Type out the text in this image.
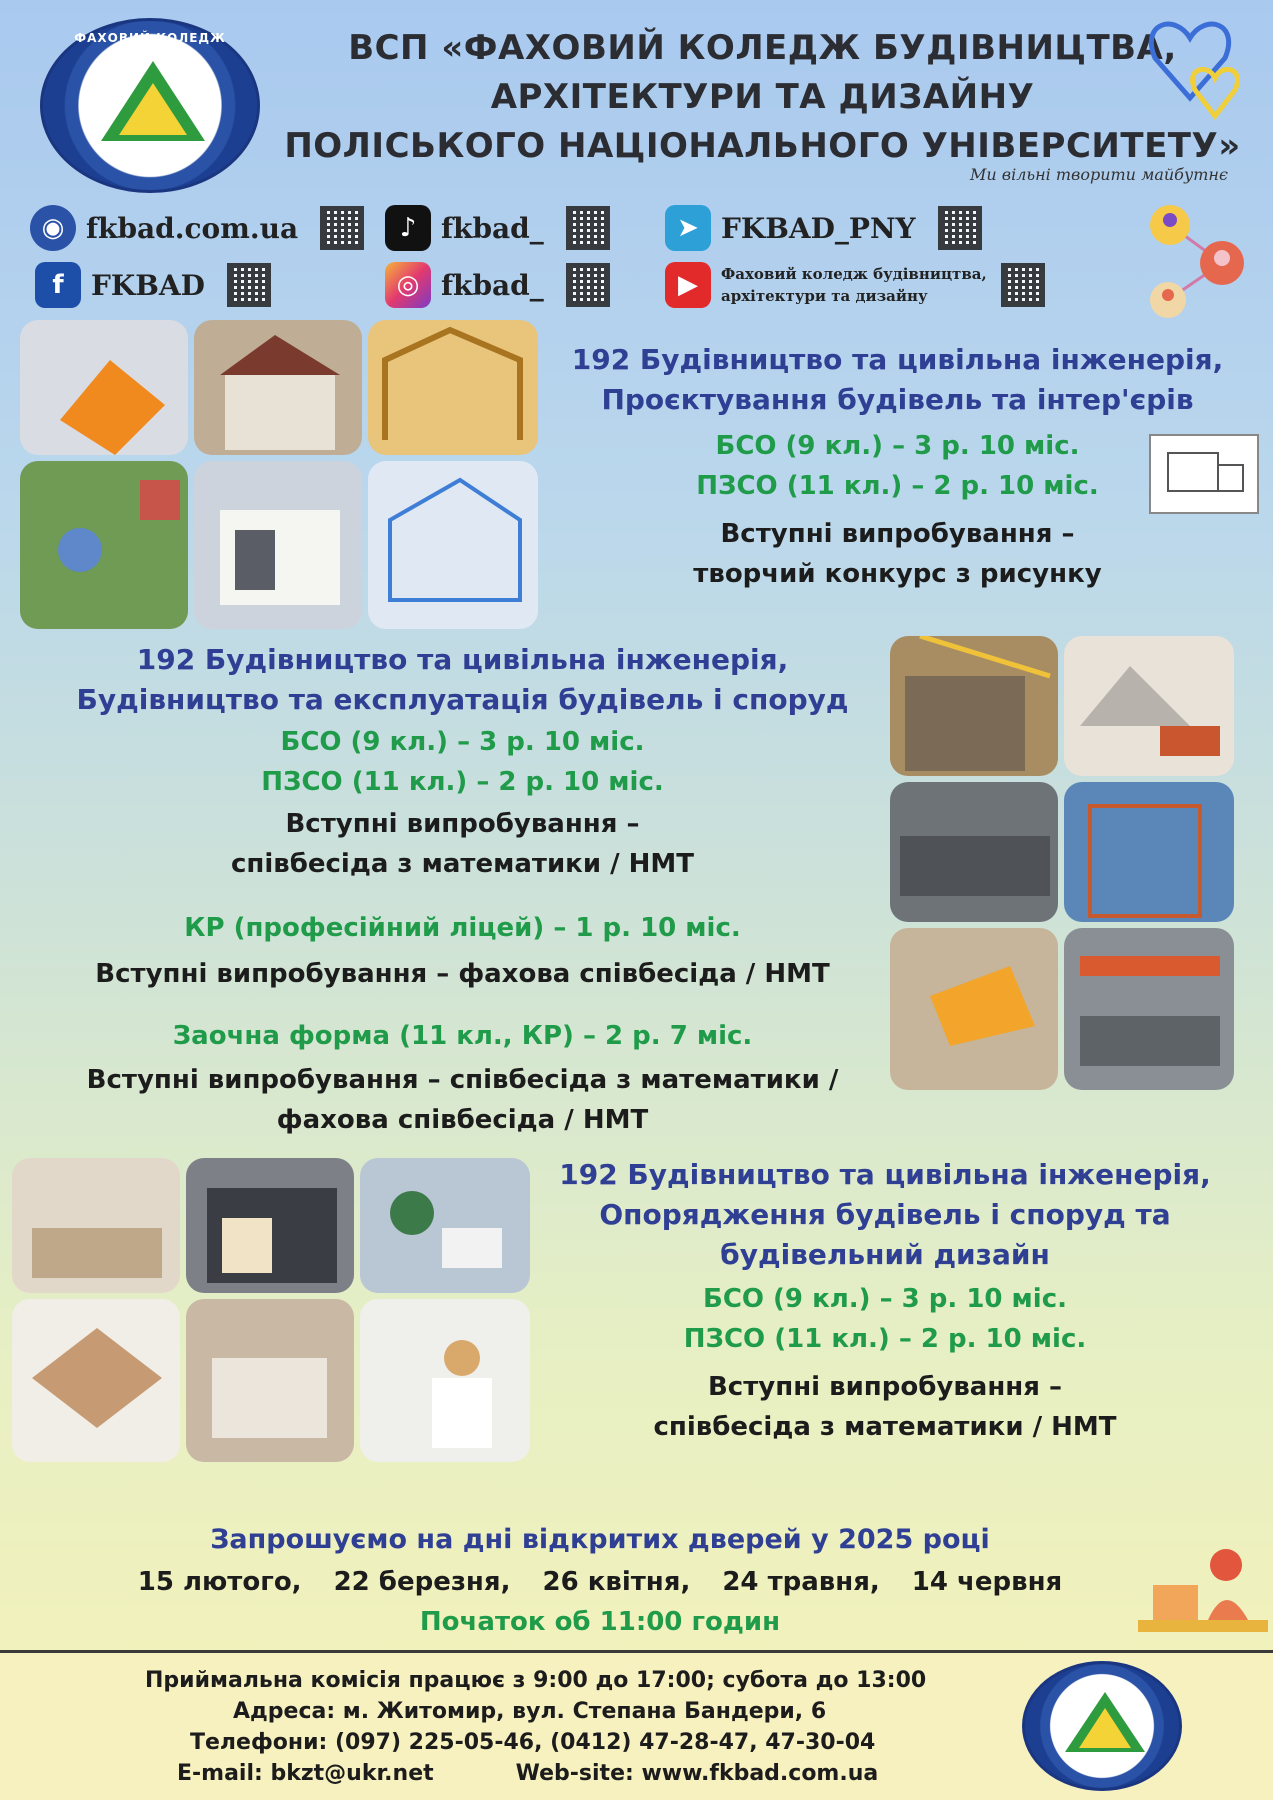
ФАХОВИЙ КОЛЕДЖ	ВСП «ФАХОВИЙ КОЛЕДЖ БУДІВНИЦТВА,
АРХІТЕКТУРИ ТА ДИЗАЙНУ
ПОЛІСЬКОГО НАЦІОНАЛЬНОГО УНІВЕРСИТЕТУ»
Ми вільні творити майбутнє
◉ fkbad.com.ua	♪ fkbad_	➤ FKBAD_PNY
f FKBAD	◎ fkbad_	▶	Фаховий коледж будівництва,
архітектури та дизайну
192 Будівництво та цивільна інженерія,
Проєктування будівель та інтер'єрів
БСО (9 кл.) – 3 р. 10 міс.
ПЗСО (11 кл.) – 2 р. 10 міс.
Вступні випробування –
творчий конкурс з рисунку
192 Будівництво та цивільна інженерія,
Будівництво та експлуатація будівель і споруд
БСО (9 кл.) – 3 р. 10 міс.
ПЗСО (11 кл.) – 2 р. 10 міс.
Вступні випробування –
співбесіда з математики / НМТ
КР (професійний ліцей) – 1 р. 10 міс.
Вступні випробування – фахова співбесіда / НМТ
Заочна форма (11 кл., КР) – 2 р. 7 міс.
Вступні випробування – співбесіда з математики /
фахова співбесіда / НМТ
192 Будівництво та цивільна інженерія,
Опорядження будівель і споруд та
будівельний дизайн
БСО (9 кл.) – 3 р. 10 міс.
ПЗСО (11 кл.) – 2 р. 10 міс.
Вступні випробування –
співбесіда з математики / НМТ
Запрошуємо на дні відкритих дверей у 2025 році
15 лютого, 22 березня, 26 квітня, 24 травня, 14 червня
Початок об 11:00 годин
Приймальна комісія працює з 9:00 до 17:00; субота до 13:00
Адреса: м. Житомир, вул. Степана Бандери, 6
Телефони: (097) 225-05-46, (0412) 47-28-47, 47-30-04
E-mail: bkzt@ukr.net	Web-site: www.fkbad.com.ua
